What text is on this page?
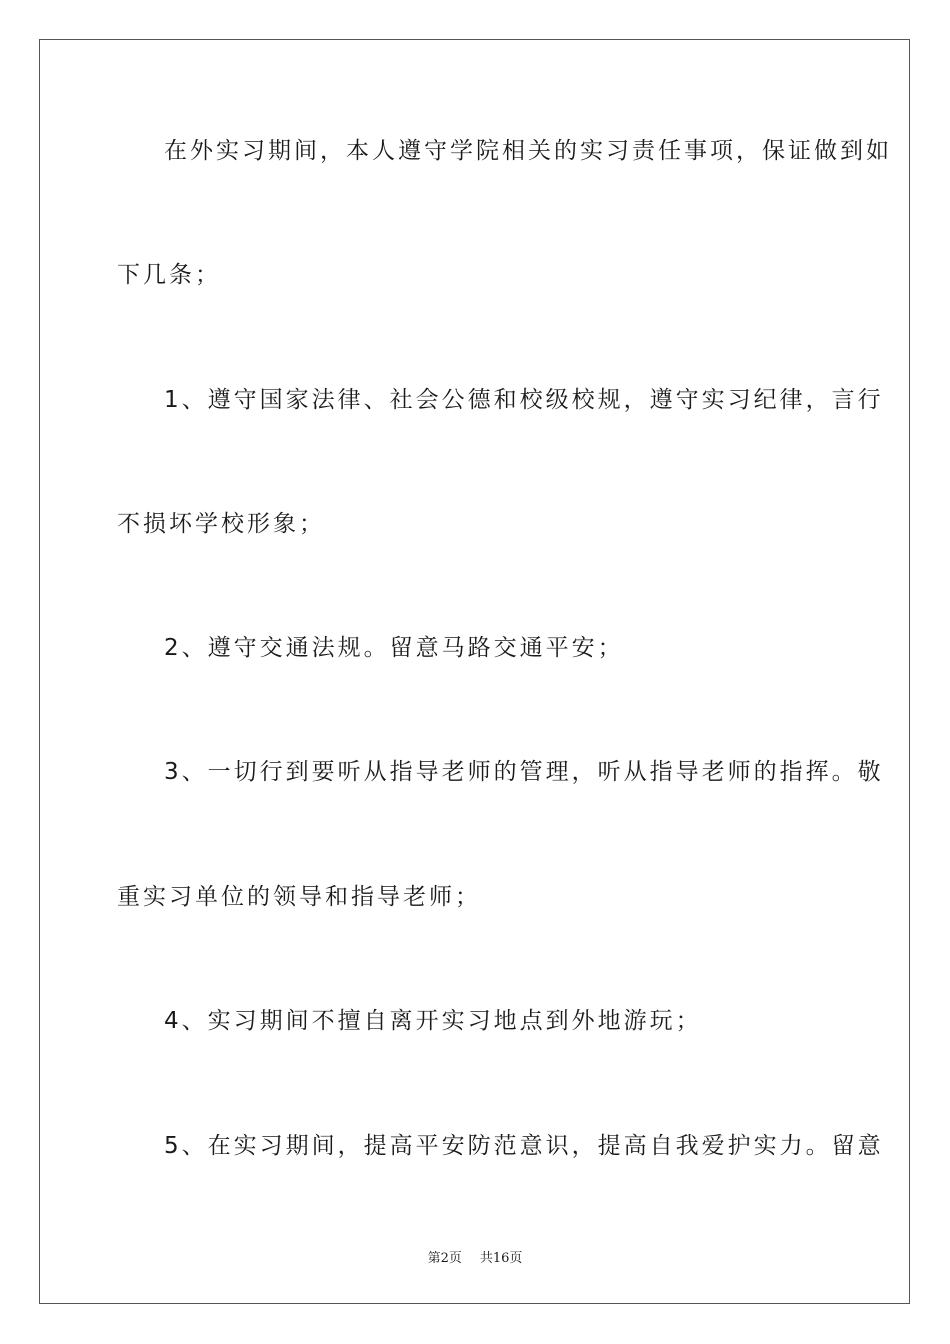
在外实习期间，本人遵守学院相关的实习责任事项，保证做到如
下几条；
1、遵守国家法律、社会公德和校级校规，遵守实习纪律，言行
不损坏学校形象；
2、遵守交通法规。留意马路交通平安；
3、一切行到要听从指导老师的管理，听从指导老师的指挥。敬
重实习单位的领导和指导老师；
4、实习期间不擅自离开实习地点到外地游玩；
5、在实习期间，提高平安防范意识，提高自我爱护实力。留意
第2页 共16页
